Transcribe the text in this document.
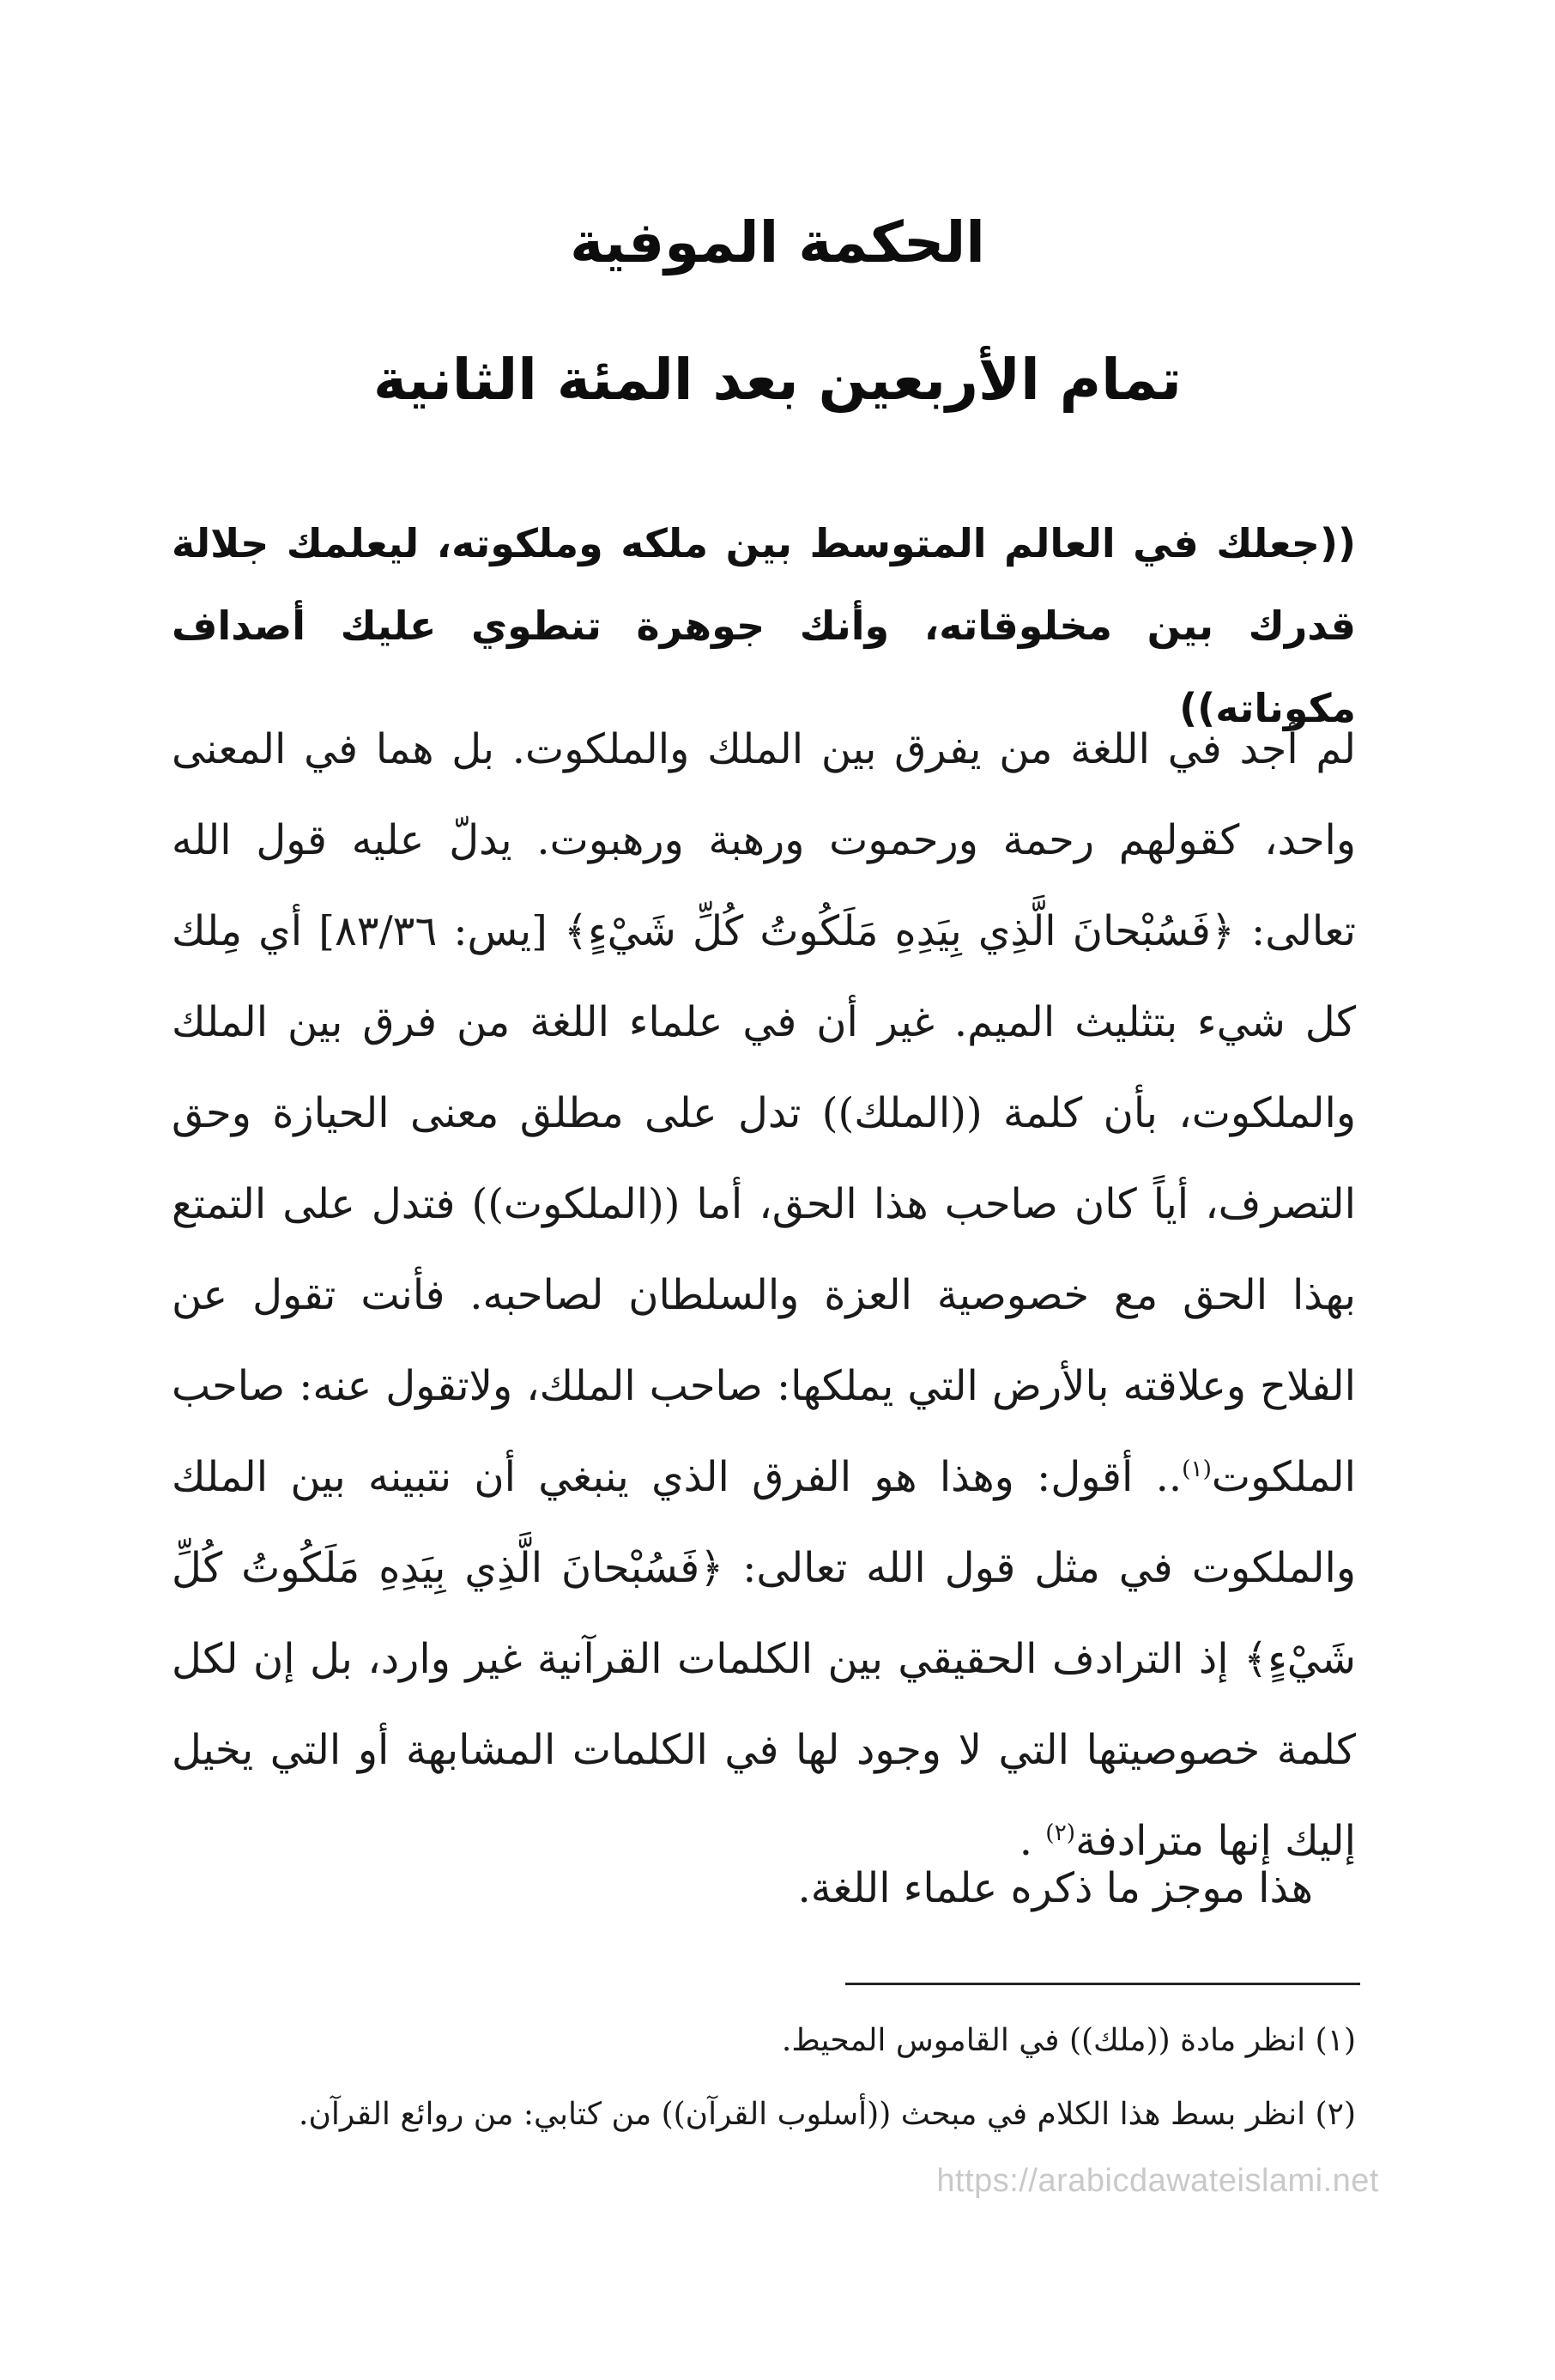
الحكمة الموفية
تمام الأربعين بعد المئة الثانية

((جعلك في العالم المتوسط بين ملكه وملكوته، ليعلمك جلالة قدرك بين مخلوقاته، وأنك جوهرة تنطوي عليك أصداف مكوناته))

لم أجد في اللغة من يفرق بين الملك والملكوت. بل هما في المعنى واحد، كقولهم رحمة ورحموت ورهبة ورهبوت. يدلّ عليه قول الله تعالى: ﴿فَسُبْحانَ الَّذِي بِيَدِهِ مَلَكُوتُ كُلِّ شَيْءٍ﴾ [يس: ٨٣/٣٦] أي مِلك كل شيء بتثليث الميم. غير أن في علماء اللغة من فرق بين الملك والملكوت، بأن كلمة ((الملك)) تدل على مطلق معنى الحيازة وحق التصرف، أياً كان صاحب هذا الحق، أما ((الملكوت)) فتدل على التمتع بهذا الحق مع خصوصية العزة والسلطان لصاحبه. فأنت تقول عن الفلاح وعلاقته بالأرض التي يملكها: صاحب الملك، ولاتقول عنه: صاحب الملكوت$^{(١)}$.. أقول: وهذا هو الفرق الذي ينبغي أن نتبينه بين الملك والملكوت في مثل قول الله تعالى: ﴿فَسُبْحانَ الَّذِي بِيَدِهِ مَلَكُوتُ كُلِّ شَيْءٍ﴾ إذ الترادف الحقيقي بين الكلمات القرآنية غير وارد، بل إن لكل كلمة خصوصيتها التي لا وجود لها في الكلمات المشابهة أو التي يخيل إليك إنها مترادفة$^{(٢)}$ .

هذا موجز ما ذكره علماء اللغة.

(١) انظر مادة ((ملك)) في القاموس المحيط.

(٢) انظر بسط هذا الكلام في مبحث ((أسلوب القرآن)) من كتابي: من روائع القرآن.

https://arabicdawateislami.net
